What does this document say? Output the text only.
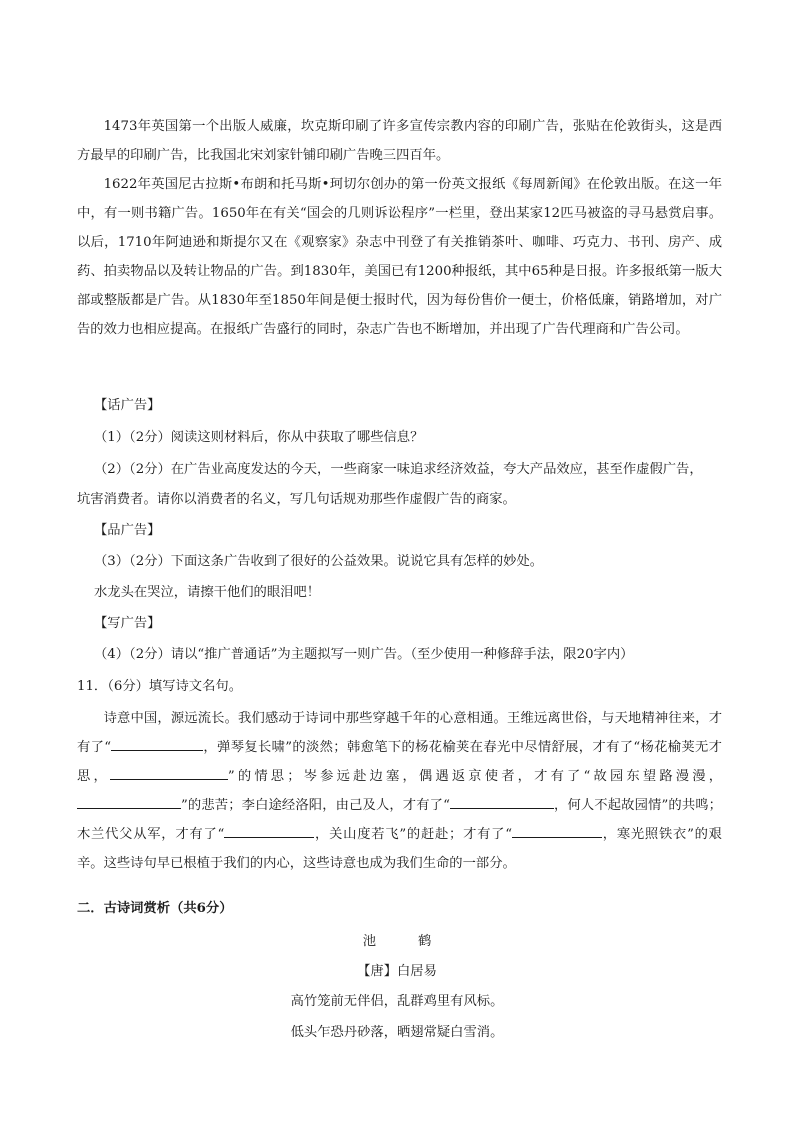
1473年英国第一个出版人威廉，坎克斯印刷了许多宣传宗教内容的印刷广告，张贴在伦敦街头，这是西方最早的印刷广告，比我国北宋刘家针铺印刷广告晚三四百年。

1622年英国尼古拉斯•布朗和托马斯•珂切尔创办的第一份英文报纸《每周新闻》在伦敦出版。在这一年中，有一则书籍广告。1650年在有关“国会的几则诉讼程序”一栏里，登出某家12匹马被盗的寻马悬赏启事。以后，1710年阿迪逊和斯提尔又在《观察家》杂志中刊登了有关推销茶叶、咖啡、巧克力、书刊、房产、成药、拍卖物品以及转让物品的广告。到1830年，美国已有1200种报纸，其中65种是日报。许多报纸第一版大部或整版都是广告。从1830年至1850年间是便士报时代，因为每份售价一便士，价格低廉，销路增加，对广告的效力也相应提高。在报纸广告盛行的同时，杂志广告也不断增加，并出现了广告代理商和广告公司。

【话广告】

（1）（2分）阅读这则材料后，你从中获取了哪些信息？

（2）（2分）在广告业高度发达的今天，一些商家一味追求经济效益，夸大产品效应，甚至作虚假广告，

坑害消费者。请你以消费者的名义，写几句话规劝那些作虚假广告的商家。

【品广告】

（3）（2分）下面这条广告收到了很好的公益效果。说说它具有怎样的妙处。

水龙头在哭泣，请擦干他们的眼泪吧！

【写广告】

（4）（2分）请以“推广普通话”为主题拟写一则广告。（至少使用一种修辞手法，限20字内）

11．（6分）填写诗文名句。

诗意中国，源远流长。我们感动于诗词中那些穿越千年的心意相通。王维远离世俗，与天地精神往来，才有了“	，弹琴复长啸”的淡然；韩愈笔下的杨花榆荚在春光中尽情舒展，才有了“杨花榆荚无才思，	”的情思；岑参远赴边塞，偶遇返京使者，才有了“故园东望路漫漫，”的悲苦；李白途经洛阳，由己及人，才有了“	，何人不起故园情”的共鸣；木兰代父从军，才有了“	，关山度若飞”的赶赴；才有了“	，寒光照铁衣”的艰辛。这些诗句早已根植于我们的内心，这些诗意也成为我们生命的一部分。

二．古诗词赏析（共6分）

池	鹤

【唐】白居易

高竹笼前无伴侣，乱群鸡里有风标。

低头乍恐丹砂落，晒翅常疑白雪消。
